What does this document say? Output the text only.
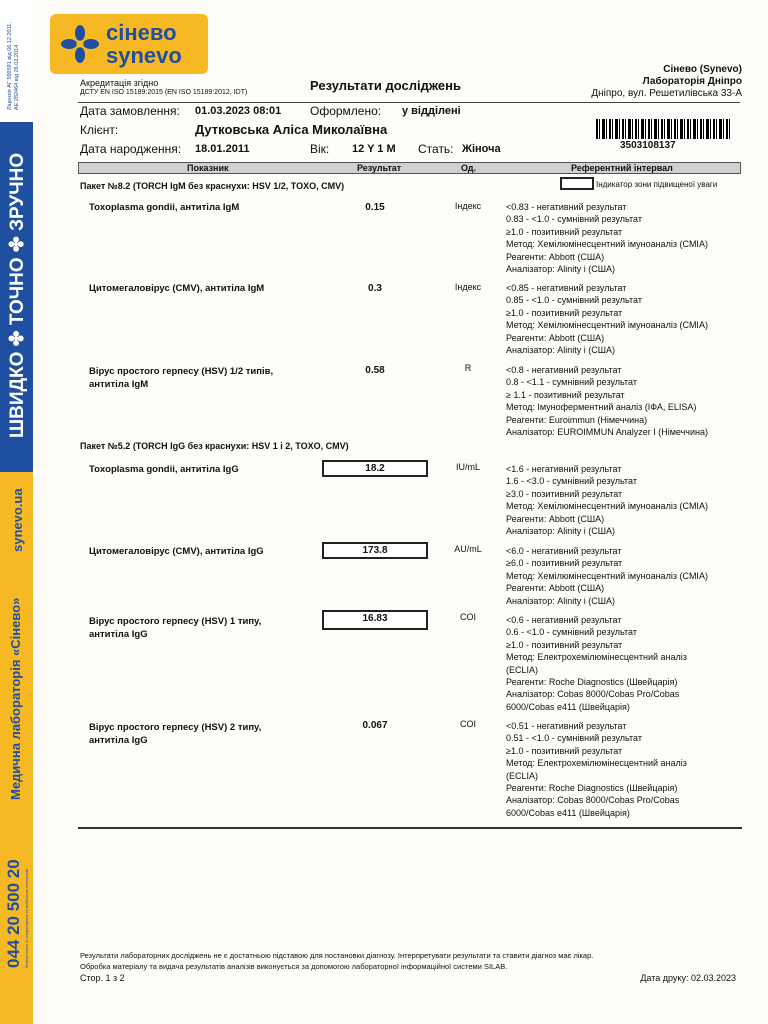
Ліцензія АГ 599591 від 06.12.2011, АЕ 282464 від 26.02.2014
ШВИДКО ✤ ТОЧНО ✤ ЗРУЧНО
synevo.ua
Медична лабораторія «Сінево»
044 20 500 20 безкоштовно зі стаціонарних та мобільних телефонів
сінево
synevo
Акредитація згідно
ДСТУ EN ISO 15189:2015 (EN ISO 15189:2012, IDT)	Результати досліджень
Сінево (Synevo)
Лабораторія Дніпро
Дніпро, вул. Решетилівська 33-А
Дата замовлення: 01.03.2023 08:01 Оформлено: у відділені
Клієнт:	Дутковська Аліса Миколаївна
Дата народження: 18.01.2011	Вік: 12 Y 1 M Стать: Жіноча	3503108137
Показник	Результат	Од.	Референтний інтервал
Індикатор зони підвищеної уваги
Пакет №8.2 (TORCH IgM без краснухи: HSV 1/2, TOXO, CMV)
Toxoplasma gondii, антитіла IgM	0.15	Індекс	<0.83 - негативний результат
0.83 - <1.0 - сумнівний результат
≥1.0 - позитивний результат
Метод: Хемілюмінесцентний імуноаналіз (CMIA)
Реагенти: Abbott (США)
Аналізатор: Alinity i (США)
Цитомегаловірус (CMV), антитіла IgM	0.3	Індекс	<0.85 - негативний результат
0.85 - <1.0 - сумнівний результат
≥1.0 - позитивний результат
Метод: Хемілюмінесцентний імуноаналіз (CMIA)
Реагенти: Abbott (США)
Аналізатор: Alinity i (США)
Вірус простого герпесу (HSV) 1/2 типів,
антитіла IgM
0.58	R	<0.8 - негативний результат
0.8 - <1.1 - сумнівний результат
≥ 1.1 - позитивний результат
Метод: Імуноферментний аналіз (ІФА, ELISA)
Реагенти: Euroimmun (Німеччина)
Аналізатор: EUROIMMUN Analyzer I (Німеччина)
Пакет №5.2 (TORCH IgG без краснухи: HSV 1 і 2, TOXO, CMV)
Toxoplasma gondii, антитіла IgG	18.2	IU/mL	<1.6 - негативний результат
1.6 - <3.0 - сумнівний результат
≥3.0 - позитивний результат
Метод: Хемілюмінесцентний імуноаналіз (CMIA)
Реагенти: Abbott (США)
Аналізатор: Alinity i (США)
Цитомегаловірус (CMV), антитіла IgG	173.8	AU/mL	<6.0 - негативний результат
≥6.0 - позитивний результат
Метод: Хемілюмінесцентний імуноаналіз (CMIA)
Реагенти: Abbott (США)
Аналізатор: Alinity i (США)
Вірус простого герпесу (HSV) 1 типу,
антитіла IgG
16.83	COI	<0.6 - негативний результат
0.6 - <1.0 - сумнівний результат
≥1.0 - позитивний результат
Метод: Електрохемілюмінесцентний аналіз
(ECLIA)
Реагенти: Roche Diagnostics (Швейцарія)
Аналізатор: Cobas 8000/Cobas Pro/Cobas
6000/Cobas e411 (Швейцарія)
Вірус простого герпесу (HSV) 2 типу,
антитіла IgG
0.067	COI	<0.51 - негативний результат
0.51 - <1.0 - сумнівний результат
≥1.0 - позитивний результат
Метод: Електрохемілюмінесцентний аналіз
(ECLIA)
Реагенти: Roche Diagnostics (Швейцарія)
Аналізатор: Cobas 8000/Cobas Pro/Cobas
6000/Cobas e411 (Швейцарія)
Результати лабораторних досліджень не є достатньою підставою для постановки діагнозу. Інтерпретувати результати та ставити діагноз має лікар.
Обробка матеріалу та видача результатів аналізів виконується за допомогою лабораторної інформаційної системи SILAB.
Стор. 1 з 2	Дата друку: 02.03.2023
